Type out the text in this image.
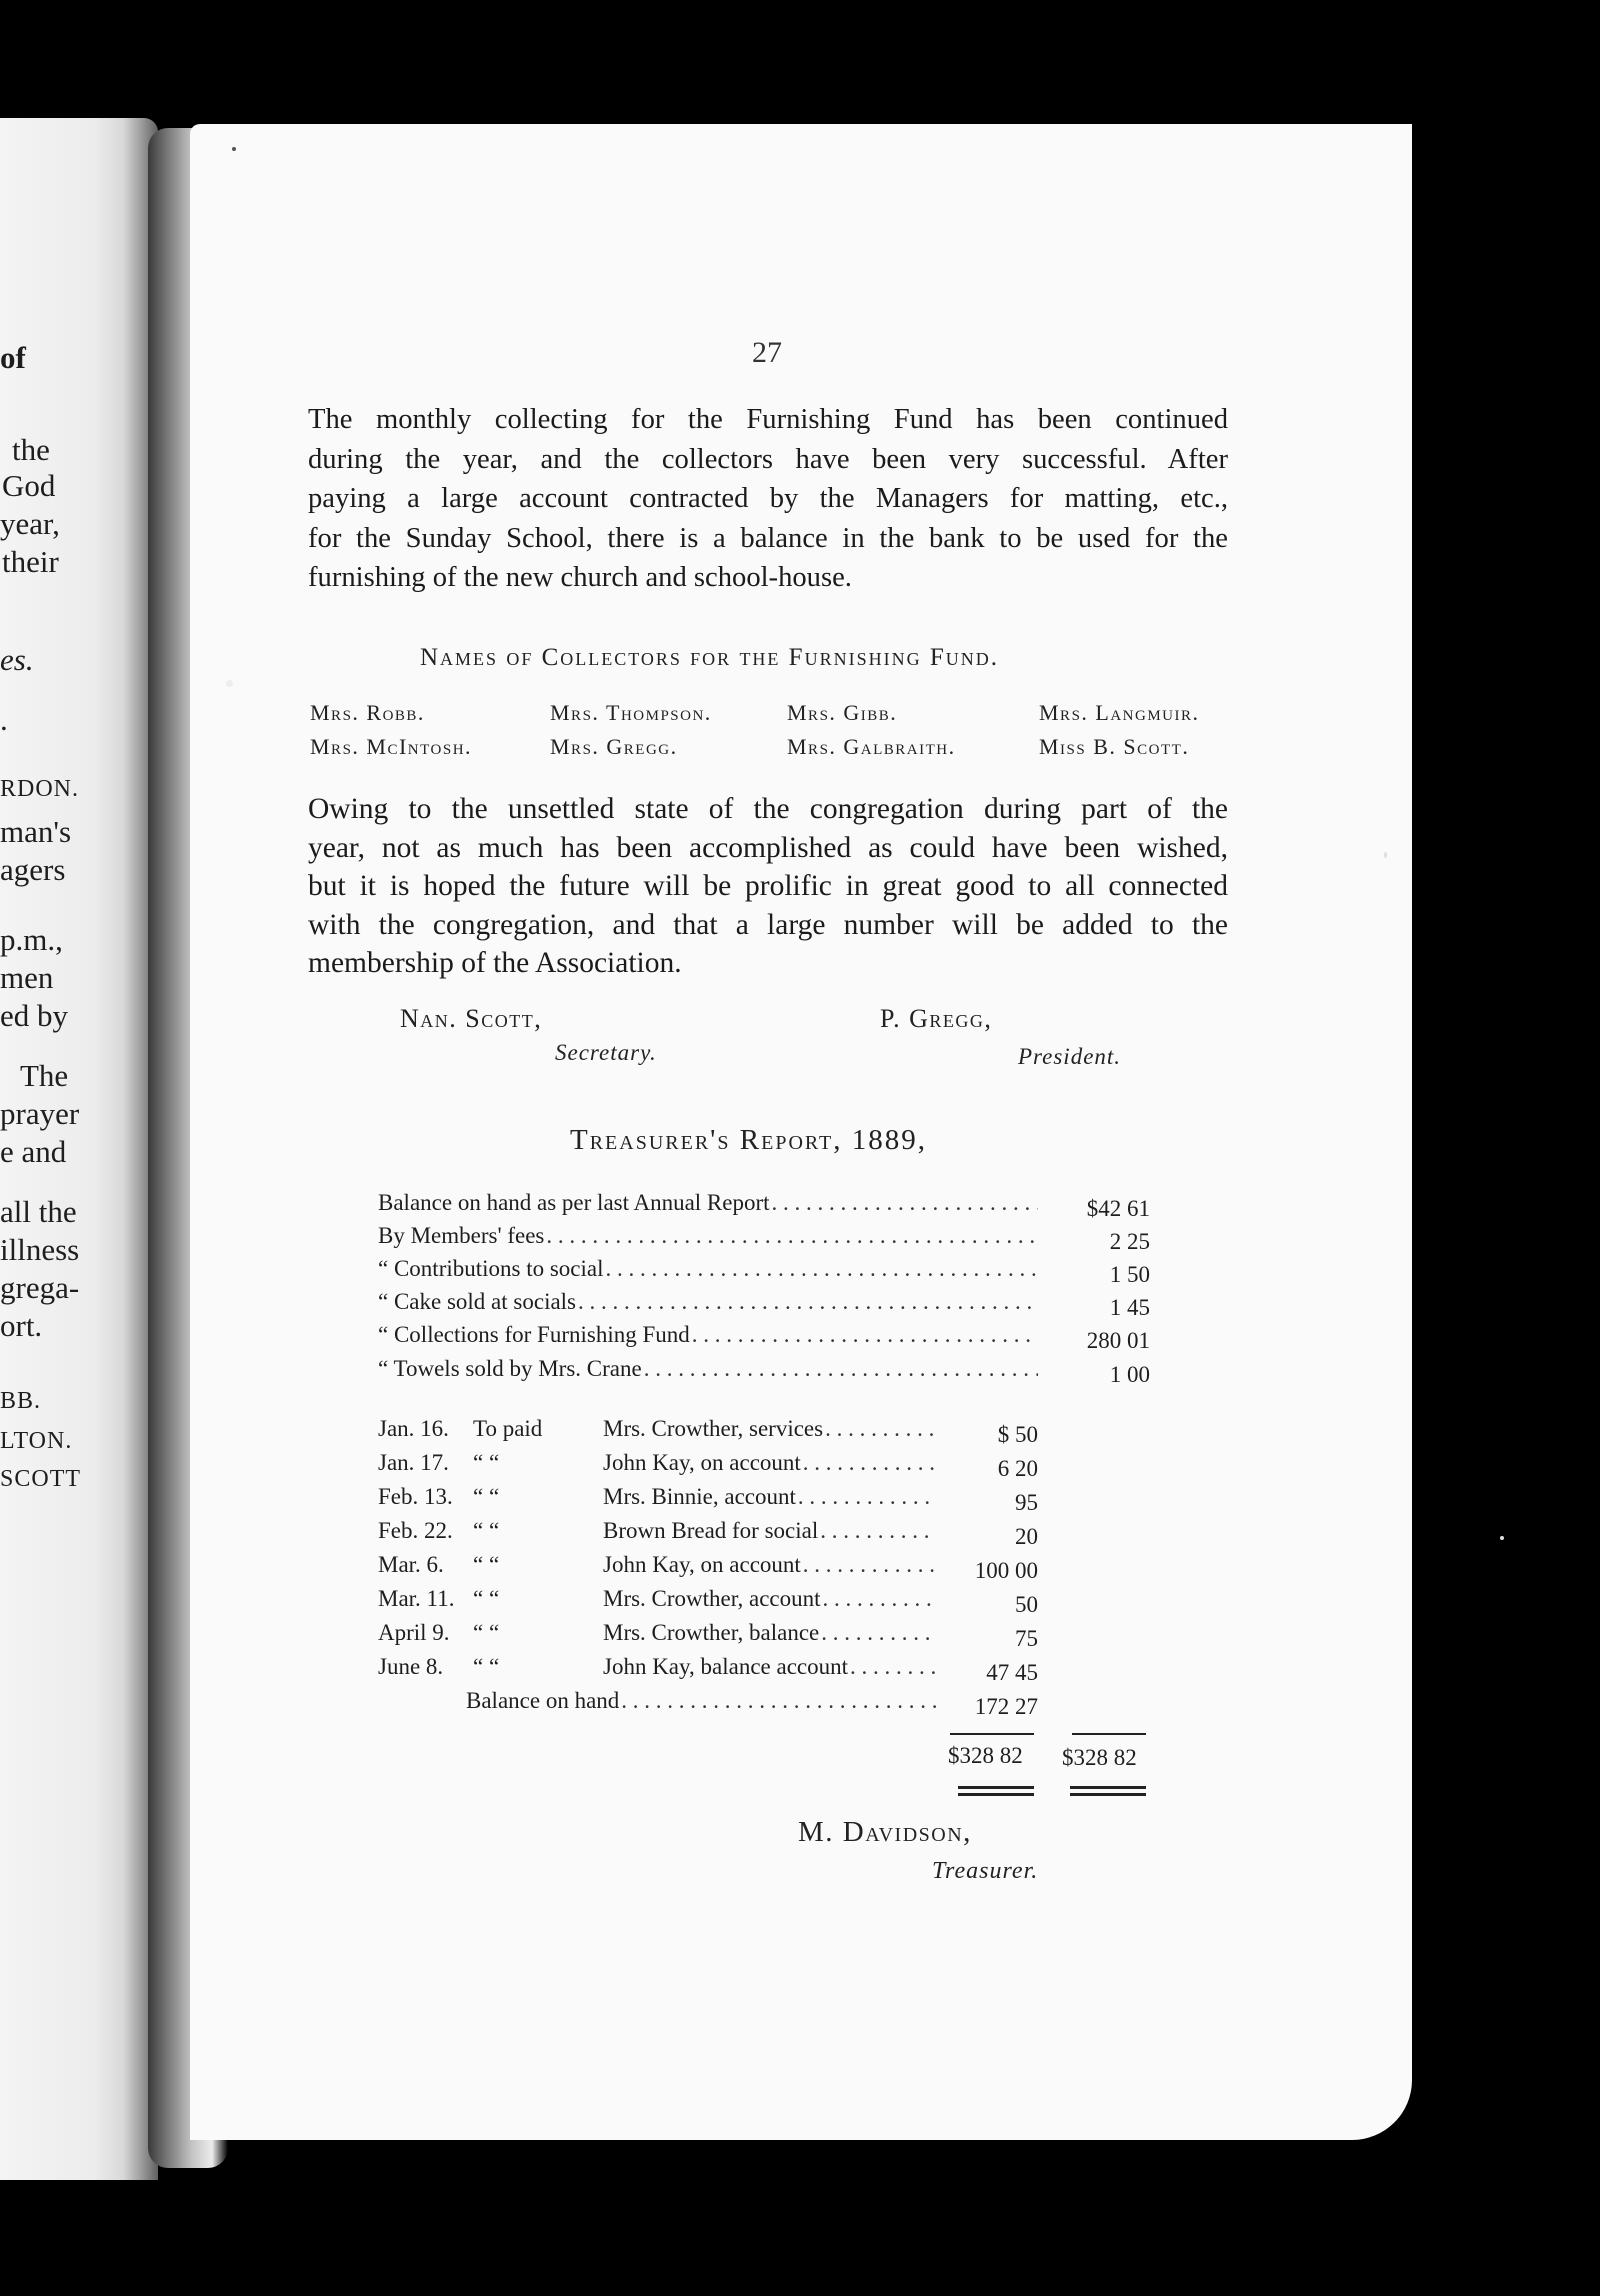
of
the
God
year,
their
es.
.
RDON.
man's
agers
p.m.,
men
ed by
The
prayer
e and
all the
illness
grega-
ort.
BB.
LTON.
SCOTT
27
The monthly collecting for the Furnishing Fund has been continued
during the year, and the collectors have been very successful. After
paying a large account contracted by the Managers for matting, etc.,
for the Sunday School, there is a balance in the bank to be used for the
furnishing of the new church and school-house.
Names of Collectors for the Furnishing Fund.
Mrs. Robb.	Mrs. Thompson.	Mrs. Gibb.	Mrs. Langmuir.
Mrs. McIntosh.	Mrs. Gregg.	Mrs. Galbraith.	Miss B. Scott.
Owing to the unsettled state of the congregation during part of the
year, not as much has been accomplished as could have been wished,
but it is hoped the future will be prolific in great good to all connected
with the congregation, and that a large number will be added to the
membership of the Association.
Nan. Scott,
Secretary.
P. Gregg,
President.
Treasurer's Report, 1889,
Balance on hand as per last Annual Report . . .	$42 61
By Members' fees . . .	2 25
“ Contributions to social . . .	1 50
“ Cake sold at socials . . .	1 45
“ Collections for Furnishing Fund . . .	280 01
“ Towels sold by Mrs. Crane . . .	1 00
Jan. 16.	To paid	Mrs. Crowther, services . . .	$ 50
Jan. 17.	“ “	John Kay, on account . . .	6 20
Feb. 13. “ “	Mrs. Binnie, account . . .	95
Feb. 22. “ “	Brown Bread for social . . .	20
Mar. 6.	“ “	John Kay, on account . . .	100 00
Mar. 11. “ “	Mrs. Crowther, account . . .	50
April 9.	“ “	Mrs. Crowther, balance . . .	75
June 8.	“ “	John Kay, balance account . . .	47 45
Balance on hand . . .	172 27
$328 82 $328 82
M. Davidson,
Treasurer.
